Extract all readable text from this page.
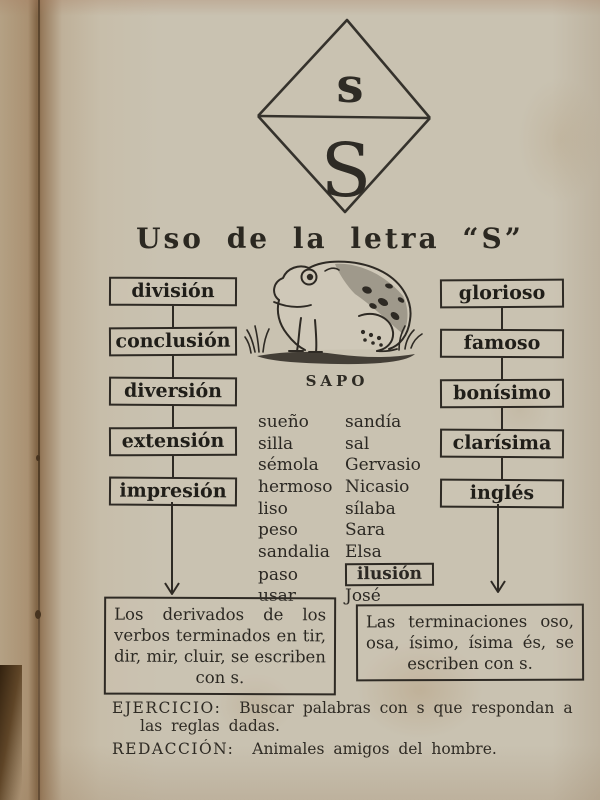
s
S
Uso de la letra “S”
SAPO
división
conclusión
diversión
extensión
impresión
glorioso
famoso
bonísimo
clarísima
inglés
sueño	sandía
silla	sal
sémola	Gervasio
hermoso Nicasio
liso	sílaba
peso	Sara
sandalia Elsa
paso	ilusión
usar	José
Los derivados de los verbos terminados en tir, dir, mir, cluir, se escriben con s.
Las terminaciones oso, osa, ísimo, ísima és, se escriben con s.

EJERCICIO: Buscar palabras con s que respondan a las reglas dadas.

REDACCIÓN: Animales amigos del hombre.
